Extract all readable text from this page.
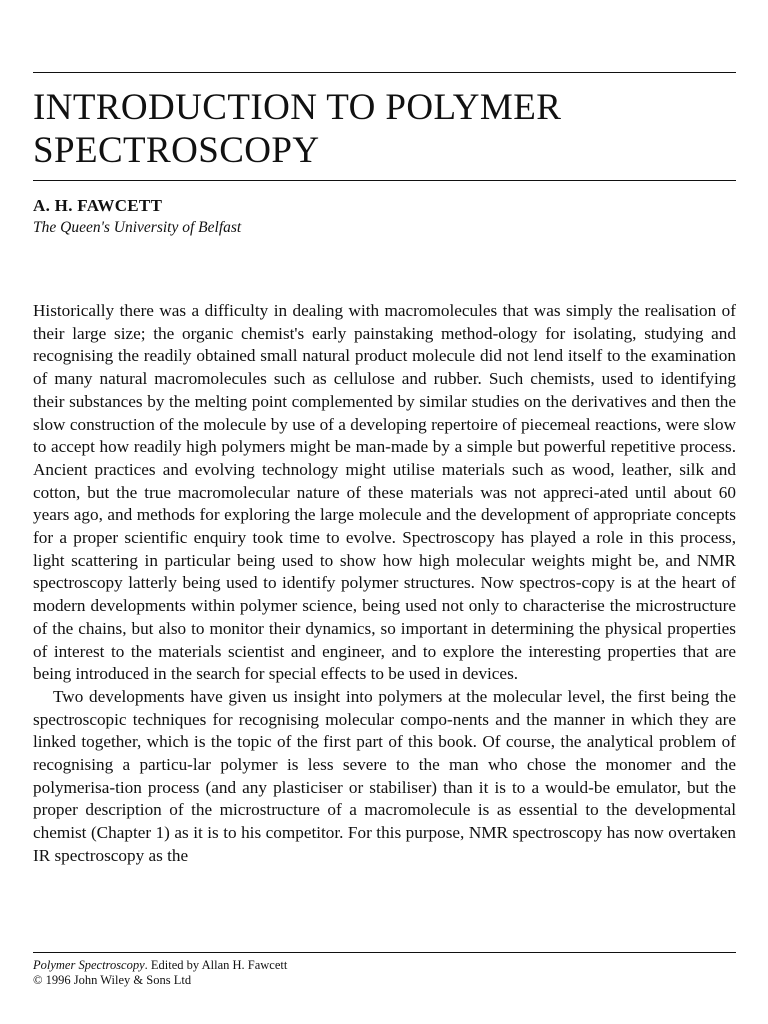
INTRODUCTION TO POLYMER
SPECTROSCOPY
A. H. FAWCETT
The Queen's University of Belfast

Historically there was a difficulty in dealing with macromolecules that was simply the realisation of their large size; the organic chemist's early painstaking method-ology for isolating, studying and recognising the readily obtained small natural product molecule did not lend itself to the examination of many natural macromolecules such as cellulose and rubber. Such chemists, used to identifying their substances by the melting point complemented by similar studies on the derivatives and then the slow construction of the molecule by use of a developing repertoire of piecemeal reactions, were slow to accept how readily high polymers might be man-made by a simple but powerful repetitive process. Ancient practices and evolving technology might utilise materials such as wood, leather, silk and cotton, but the true macromolecular nature of these materials was not appreci-ated until about 60 years ago, and methods for exploring the large molecule and the development of appropriate concepts for a proper scientific enquiry took time to evolve. Spectroscopy has played a role in this process, light scattering in particular being used to show how high molecular weights might be, and NMR spectroscopy latterly being used to identify polymer structures. Now spectros-copy is at the heart of modern developments within polymer science, being used not only to characterise the microstructure of the chains, but also to monitor their dynamics, so important in determining the physical properties of interest to the materials scientist and engineer, and to explore the interesting properties that are being introduced in the search for special effects to be used in devices.

Two developments have given us insight into polymers at the molecular level, the first being the spectroscopic techniques for recognising molecular compo-nents and the manner in which they are linked together, which is the topic of the first part of this book. Of course, the analytical problem of recognising a particu-lar polymer is less severe to the man who chose the monomer and the polymerisa-tion process (and any plasticiser or stabiliser) than it is to a would-be emulator, but the proper description of the microstructure of a macromolecule is as essential to the developmental chemist (Chapter 1) as it is to his competitor. For this purpose, NMR spectroscopy has now overtaken IR spectroscopy as the

Polymer Spectroscopy. Edited by Allan H. Fawcett
© 1996 John Wiley & Sons Ltd
